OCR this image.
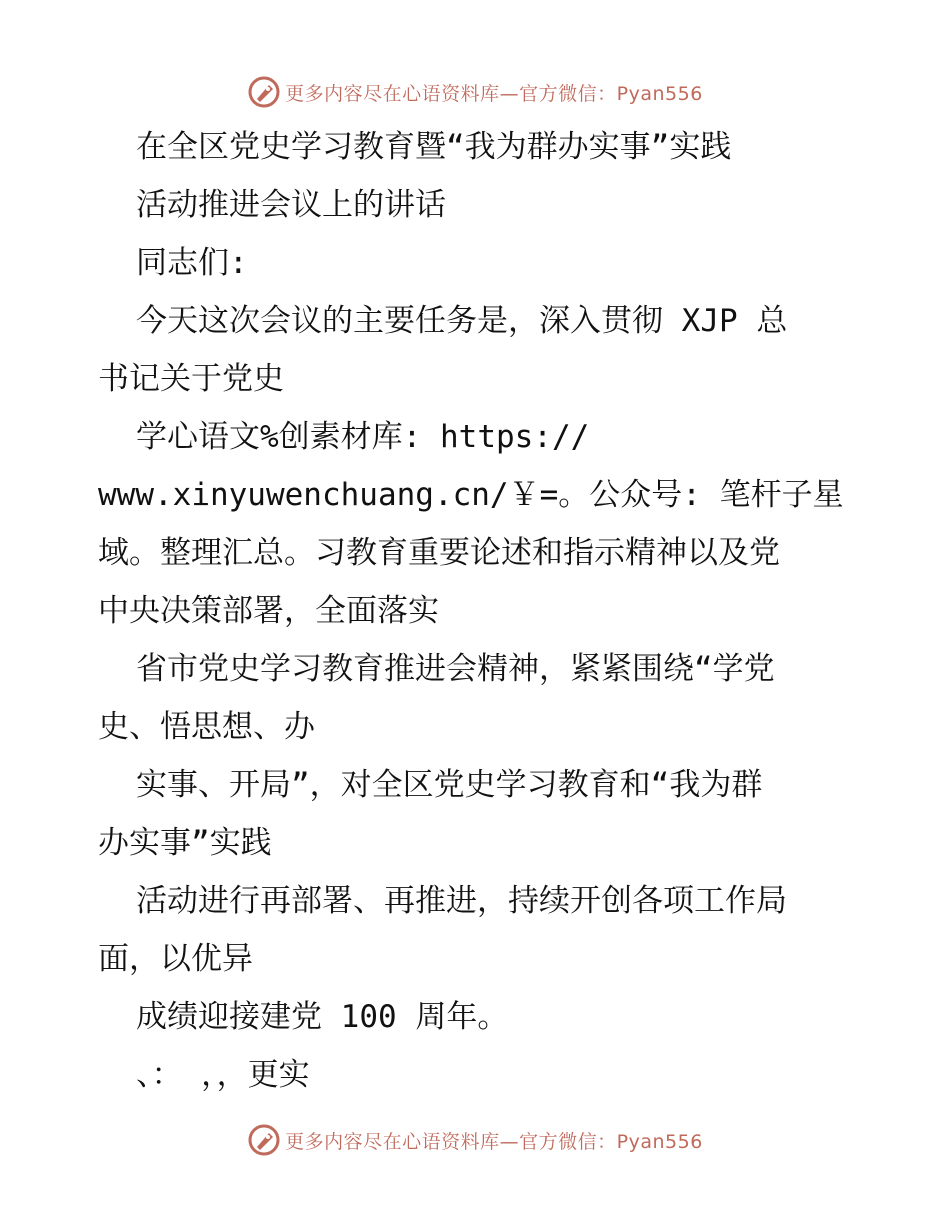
更多内容尽在心语资料库—官方微信：Pyan556
在全区党史学习教育暨“我为群办实事”实践
活动推进会议上的讲话
同志们:
今天这次会议的主要任务是，深入贯彻 XJP 总
书记关于党史
学心语文%创素材库: https://
www.xinyuwenchuang.cn/￥=。公众号: 笔杆子星
域。整理汇总。习教育重要论述和指示精神以及党
中央决策部署，全面落实
省市党史学习教育推进会精神，紧紧围绕“学党
史、悟思想、办
实事、开局”，对全区党史学习教育和“我为群
办实事”实践
活动进行再部署、再推进，持续开创各项工作局
面，以优异
成绩迎接建党 100 周年。
、： ，，更实
更多内容尽在心语资料库—官方微信：Pyan556
